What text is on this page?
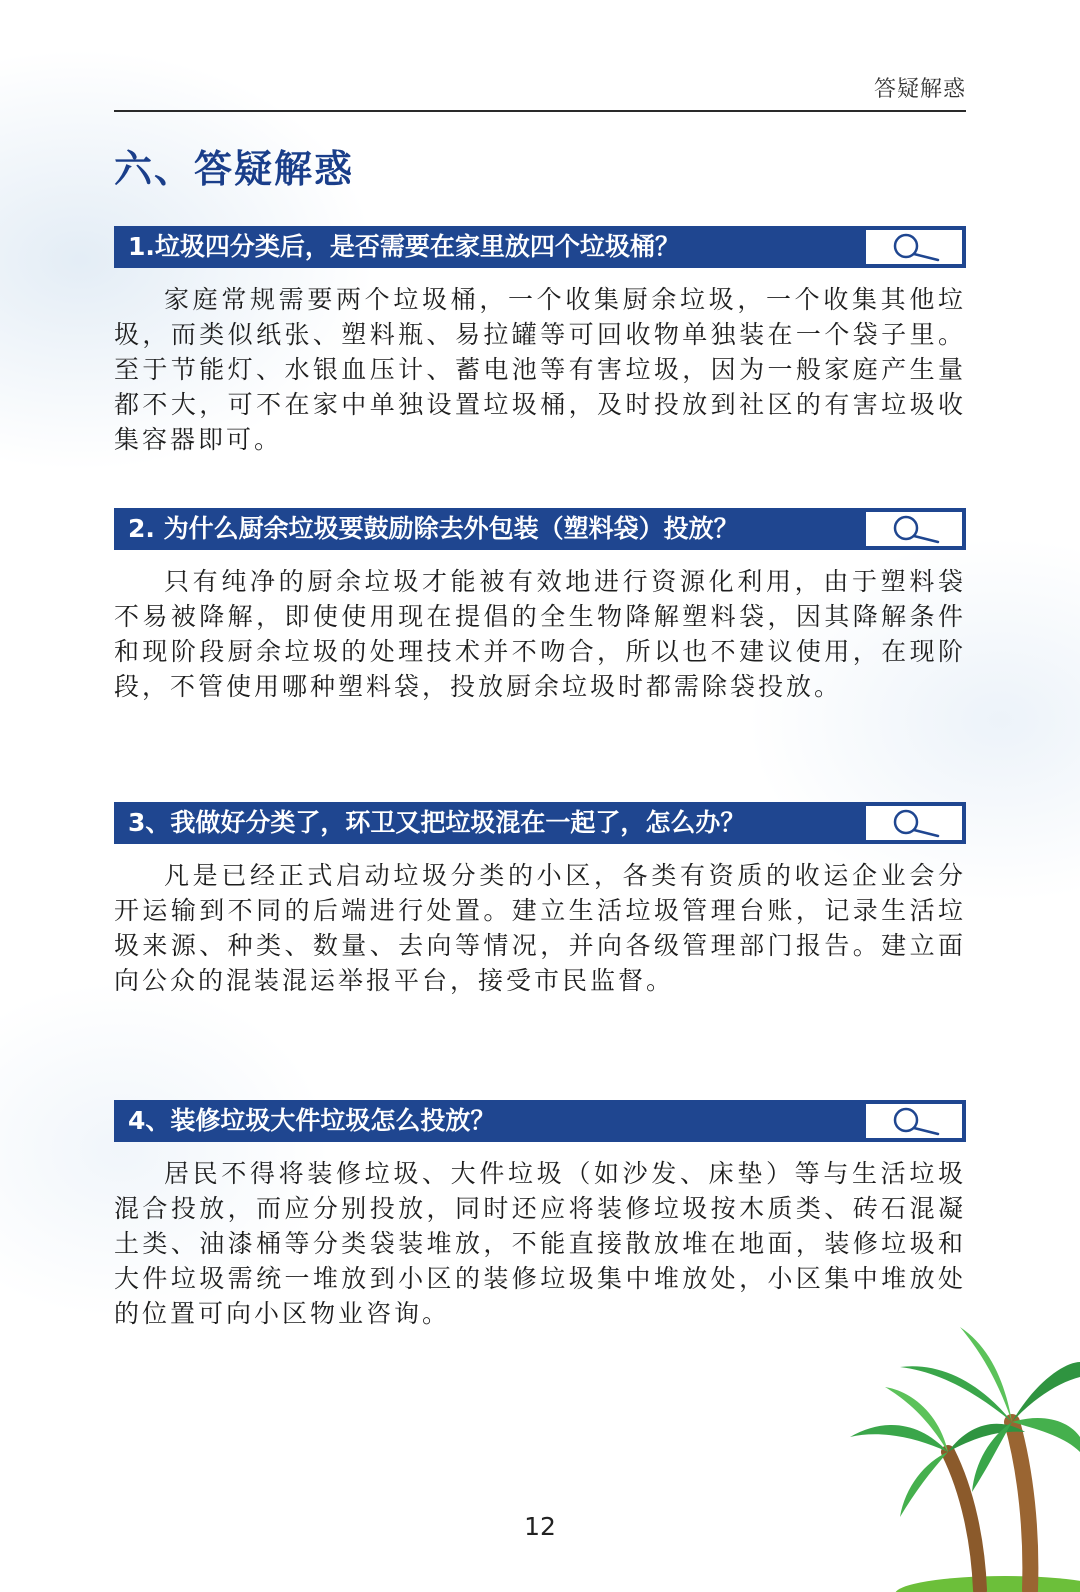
答疑解惑
六、答疑解惑
1.垃圾四分类后，是否需要在家里放四个垃圾桶？

家庭常规需要两个垃圾桶，一个收集厨余垃圾，一个收集其他垃圾，而类似纸张、塑料瓶、易拉罐等可回收物单独装在一个袋子里。至于节能灯、水银血压计、蓄电池等有害垃圾，因为一般家庭产生量都不大，可不在家中单独设置垃圾桶，及时投放到社区的有害垃圾收集容器即可。

2. 为什么厨余垃圾要鼓励除去外包装（塑料袋）投放？

只有纯净的厨余垃圾才能被有效地进行资源化利用，由于塑料袋不易被降解，即使使用现在提倡的全生物降解塑料袋，因其降解条件和现阶段厨余垃圾的处理技术并不吻合，所以也不建议使用，在现阶段，不管使用哪种塑料袋，投放厨余垃圾时都需除袋投放。

3、我做好分类了，环卫又把垃圾混在一起了，怎么办？

凡是已经正式启动垃圾分类的小区，各类有资质的收运企业会分开运输到不同的后端进行处置。建立生活垃圾管理台账，记录生活垃圾来源、种类、数量、去向等情况，并向各级管理部门报告。建立面向公众的混装混运举报平台，接受市民监督。

4、装修垃圾大件垃圾怎么投放？

居民不得将装修垃圾、大件垃圾（如沙发、床垫）等与生活垃圾混合投放，而应分别投放，同时还应将装修垃圾按木质类、砖石混凝土类、油漆桶等分类袋装堆放，不能直接散放堆在地面，装修垃圾和大件垃圾需统一堆放到小区的装修垃圾集中堆放处，小区集中堆放处的位置可向小区物业咨询。

12
